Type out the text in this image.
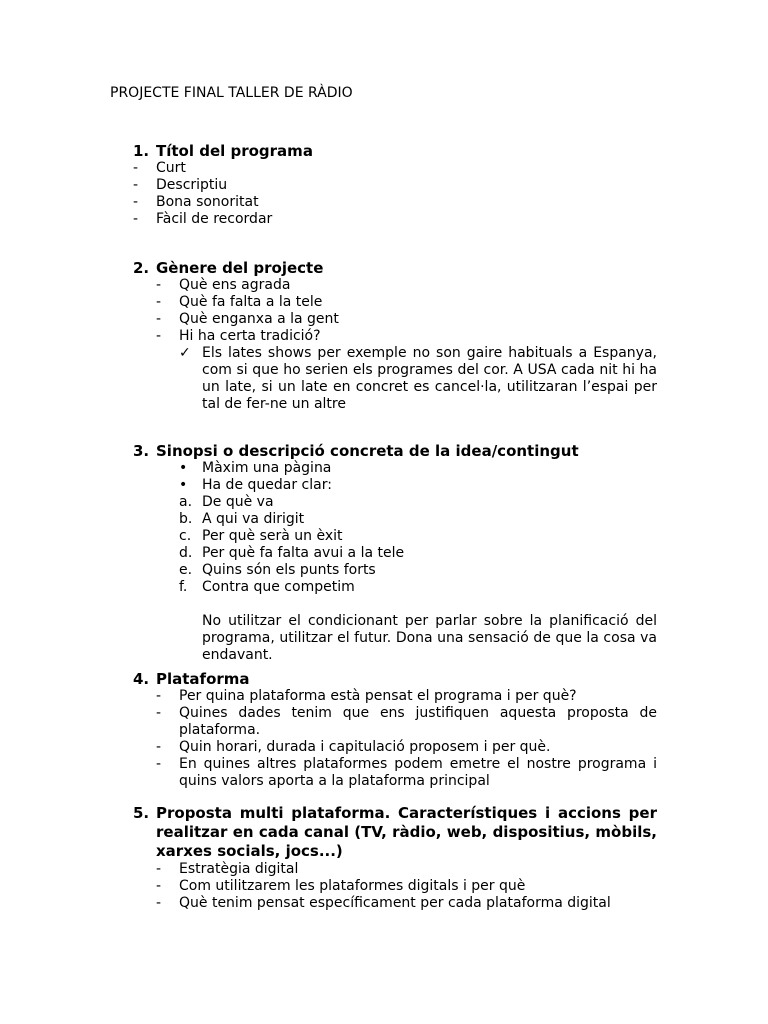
PROJECTE FINAL TALLER DE RÀDIO
1. Títol del programa
-	Curt
-	Descriptiu
-	Bona sonoritat
-	Fàcil de recordar
2. Gènere del projecte
-	Què ens agrada
-	Què fa falta a la tele
-	Què enganxa a la gent
-	Hi ha certa tradició?
✓ Els lates shows per exemple no son gaire habituals a Espanya, com si que ho serien els programes del cor. A USA cada nit hi ha un late, si un late en concret es cancel·la, utilitzaran l’espai per tal de fer-ne un altre
3. Sinopsi o descripció concreta de la idea/contingut
•	Màxim una pàgina
•	Ha de quedar clar:
a. De què va
b. A qui va dirigit
c. Per què serà un èxit
d. Per què fa falta avui a la tele
e. Quins són els punts forts
f.	Contra que competim
No utilitzar el condicionant per parlar sobre la planificació del programa, utilitzar el futur. Dona una sensació de que la cosa va endavant.
4. Plataforma
-	Per quina plataforma està pensat el programa i per què?
-	Quines dades tenim que ens justifiquen aquesta proposta de plataforma.
-	Quin horari, durada i capitulació proposem i per què.
-	En quines altres plataformes podem emetre el nostre programa i quins valors aporta a la plataforma principal
5. Proposta multi plataforma. Característiques i accions per realitzar en cada canal (TV, ràdio, web, dispositius, mòbils, xarxes socials, jocs...)
-	Estratègia digital
-	Com utilitzarem les plataformes digitals i per què
-	Què tenim pensat específicament per cada plataforma digital
